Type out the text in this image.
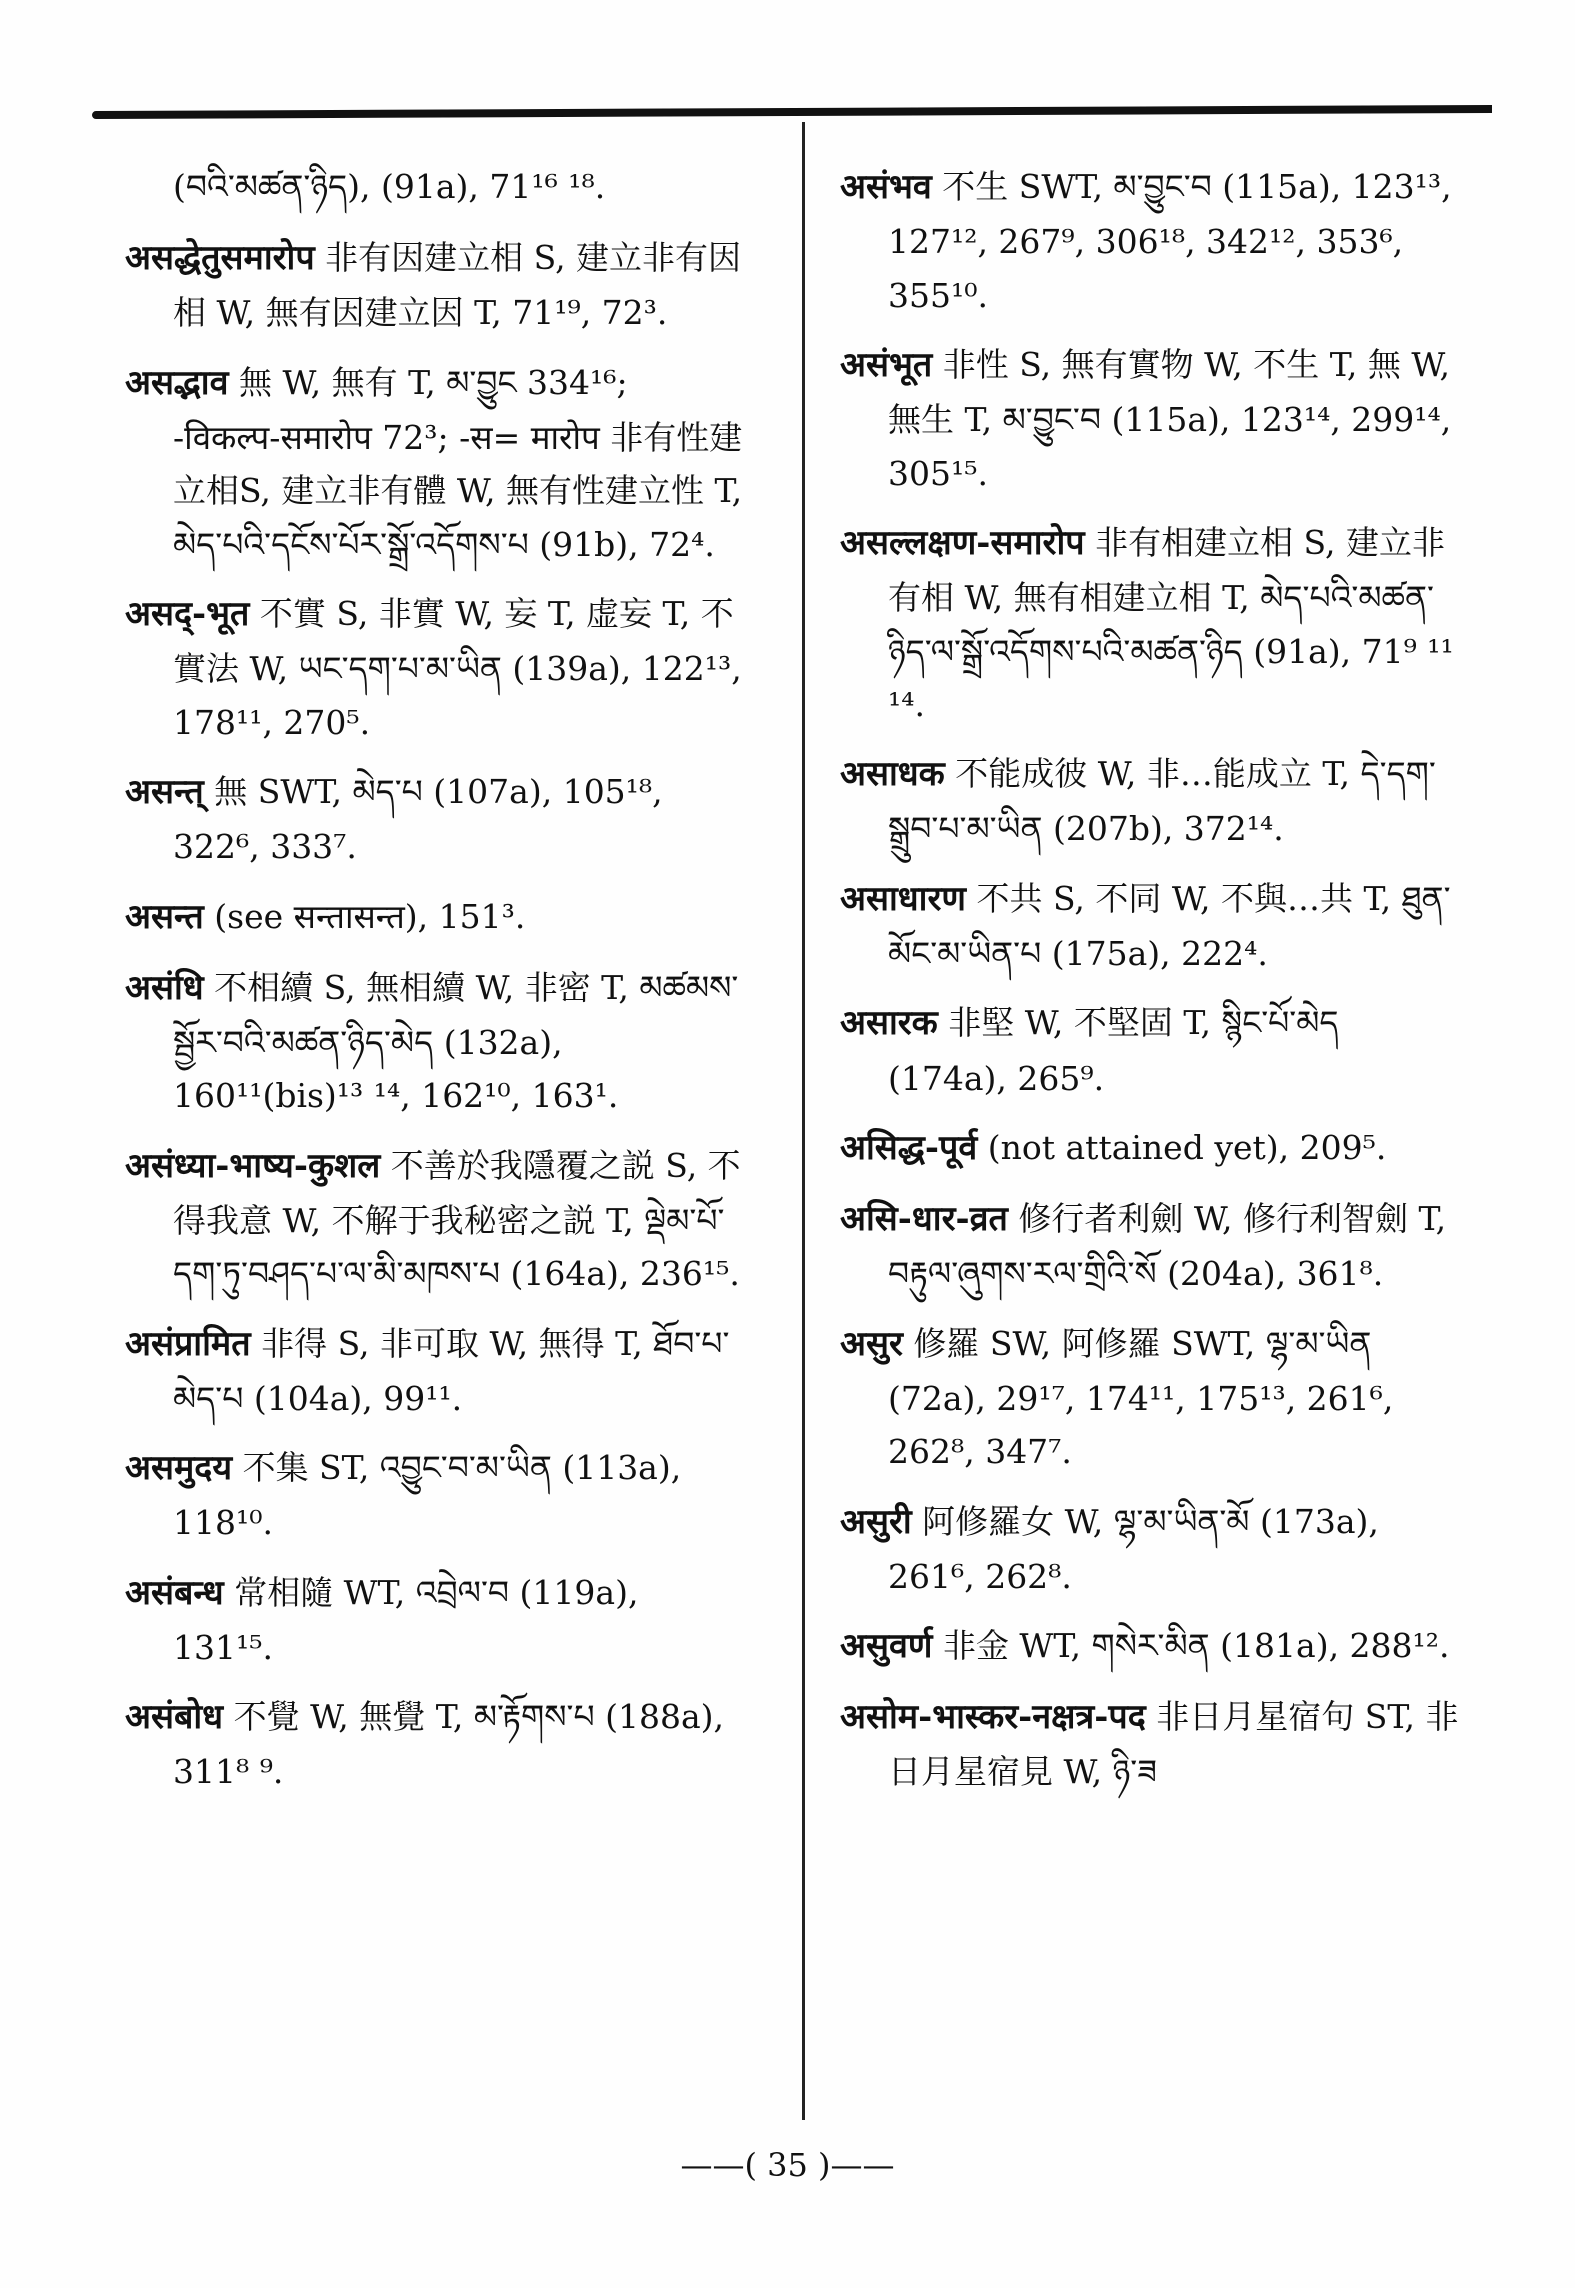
(བའི་མཚན་ཉིད), (91a), 71¹⁶ ¹⁸.

असद्धेतुसमारोप 非有因建立相 S, 建立非有因相 W, 無有因建立因 T, 71¹⁹, 72³.

असद्भाव 無 W, 無有 T, མ་བྱུང 334¹⁶; -विकल्प-समारोप 72³; -स= मारोप 非有性建立相S, 建立非有體 W, 無有性建立性 T, མེད་པའི་དངོས་པོར་སྒྲོ་འདོགས་པ (91b), 72⁴.

असद्-भूत 不實 S, 非實 W, 妄 T, 虚妄 T, 不實法 W, ཡང་དག་པ་མ་ཡིན (139a), 122¹³, 178¹¹, 270⁵.

असन्त् 無 SWT, མེད་པ (107a), 105¹⁸, 322⁶, 333⁷.

असन्त (see सन्तासन्त), 151³.

असंधि 不相續 S, 無相續 W, 非密 T, མཚམས་སྦྱོར་བའི་མཚན་ཉིད་མེད (132a), 160¹¹(bis)¹³ ¹⁴, 162¹⁰, 163¹.

असंध्या-भाष्य-कुशल 不善於我隱覆之説 S, 不得我意 W, 不解于我秘密之説 T, ལྡེམ་པོ་དག་ཏུ་བཤད་པ་ལ་མི་མཁས་པ (164a), 236¹⁵.

असंप्रामित 非得 S, 非可取 W, 無得 T, ཐོབ་པ་མེད་པ (104a), 99¹¹.

असमुदय 不集 ST, འབྱུང་བ་མ་ཡིན (113a), 118¹⁰.

असंबन्ध 常相隨 WT, འབྲེལ་བ (119a), 131¹⁵.

असंबोध 不覺 W, 無覺 T, མ་རྟོགས་པ (188a), 311⁸ ⁹.

असंभव 不生 SWT, མ་བྱུང་བ (115a), 123¹³, 127¹², 267⁹, 306¹⁸, 342¹², 353⁶, 355¹⁰.

असंभूत 非性 S, 無有實物 W, 不生 T, 無 W, 無生 T, མ་བྱུང་བ (115a), 123¹⁴, 299¹⁴, 305¹⁵.

असल्लक्षण-समारोप 非有相建立相 S, 建立非有相 W, 無有相建立相 T, མེད་པའི་མཚན་ཉིད་ལ་སྒྲོ་འདོགས་པའི་མཚན་ཉིད (91a), 71⁹ ¹¹ ¹⁴.

असाधक 不能成彼 W, 非…能成立 T, དེ་དག་སྒྲུབ་པ་མ་ཡིན (207b), 372¹⁴.

असाधारण 不共 S, 不同 W, 不與…共 T, ཐུན་མོང་མ་ཡིན་པ (175a), 222⁴.

असारक 非堅 W, 不堅固 T, སྙིང་པོ་མེད (174a), 265⁹.

असिद्ध-पूर्व (not attained yet), 209⁵.

असि-धार-व्रत 修行者利劍 W, 修行利智劍 T, བརྟུལ་ཞུགས་རལ་གྲིའི་སོ (204a), 361⁸.

असुर 修羅 SW, 阿修羅 SWT, ལྷ་མ་ཡིན (72a), 29¹⁷, 174¹¹, 175¹³, 261⁶, 262⁸, 347⁷.

असुरी 阿修羅女 W, ལྷ་མ་ཡིན་མོ (173a), 261⁶, 262⁸.

असुवर्ण 非金 WT, གསེར་མིན (181a), 288¹².

असोम-भास्कर-नक्षत्र-पद 非日月星宿句 ST, 非日月星宿見 W, ཉི་ཟ

——( 35 )——
